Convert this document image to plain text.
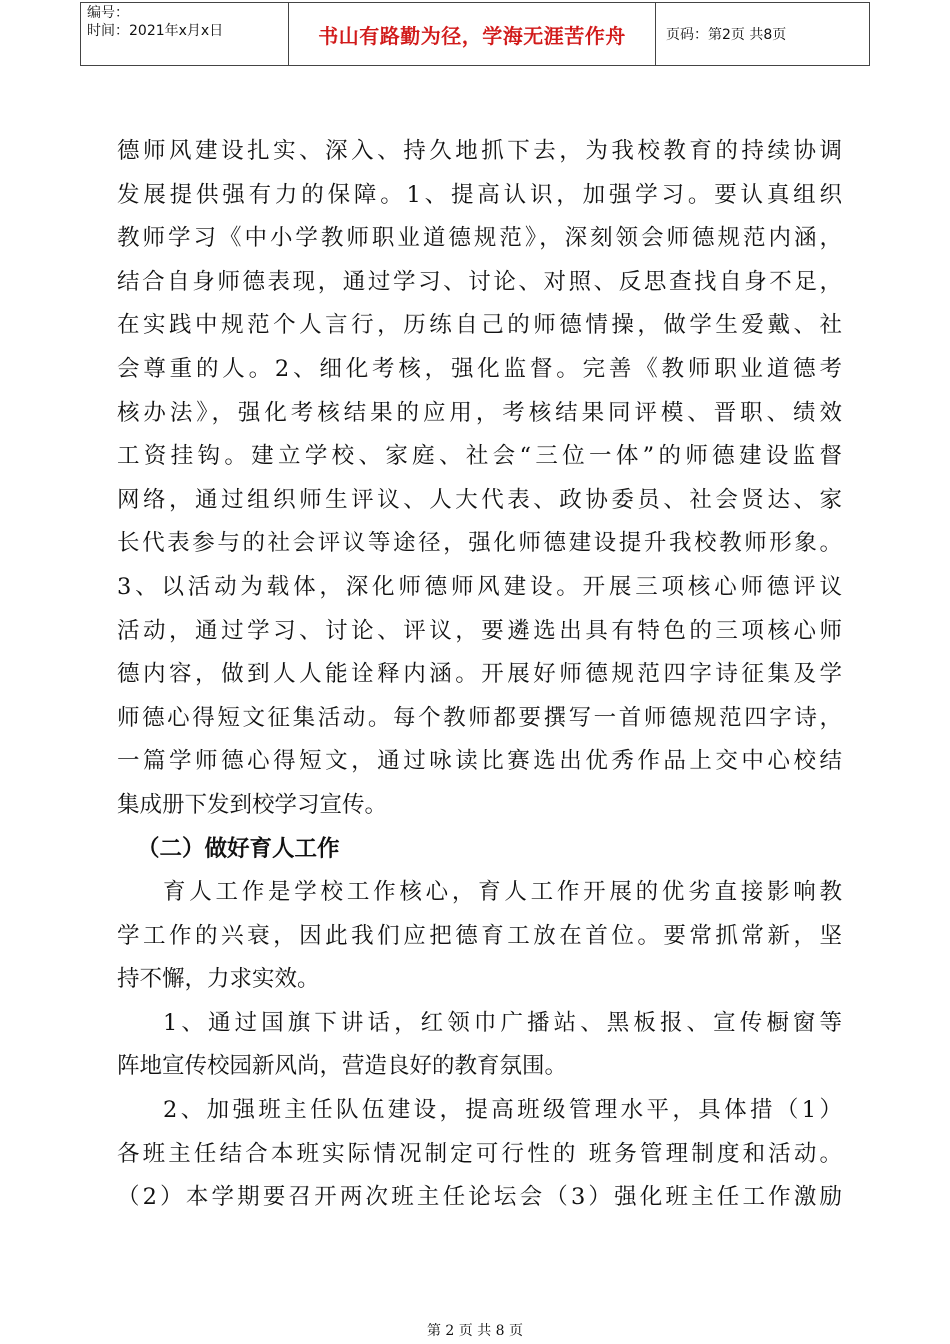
编号：
时间：2021年x月x日	书山有路勤为径，学海无涯苦作舟	页码：第2页 共8页
德师风建设扎实、深入、持久地抓下去，为我校教育的持续协调
发展提供强有力的保障。1、提高认识，加强学习。要认真组织
教师学习《中小学教师职业道德规范》，深刻领会师德规范内涵，
结合自身师德表现，通过学习、讨论、对照、反思查找自身不足，
在实践中规范个人言行，历练自己的师德情操，做学生爱戴、社
会尊重的人。2、细化考核，强化监督。完善《教师职业道德考
核办法》，强化考核结果的应用，考核结果同评模、晋职、绩效
工资挂钩。建立学校、家庭、社会“三位一体”的师德建设监督
网络，通过组织师生评议、人大代表、政协委员、社会贤达、家
长代表参与的社会评议等途径，强化师德建设提升我校教师形象。
3、以活动为载体，深化师德师风建设。开展三项核心师德评议
活动，通过学习、讨论、评议，要遴选出具有特色的三项核心师
德内容，做到人人能诠释内涵。开展好师德规范四字诗征集及学
师德心得短文征集活动。每个教师都要撰写一首师德规范四字诗，
一篇学师德心得短文，通过咏读比赛选出优秀作品上交中心校结
集成册下发到校学习宣传。
（二）做好育人工作
育人工作是学校工作核心，育人工作开展的优劣直接影响教
学工作的兴衰，因此我们应把德育工放在首位。要常抓常新，坚
持不懈，力求实效。
1、通过国旗下讲话，红领巾广播站、黑板报、宣传橱窗等
阵地宣传校园新风尚，营造良好的教育氛围。
2、加强班主任队伍建设，提高班级管理水平，具体措（1）
各班主任结合本班实际情况制定可行性的 班务管理制度和活动。
（2）本学期要召开两次班主任论坛会（3）强化班主任工作激励
第 2 页 共 8 页
